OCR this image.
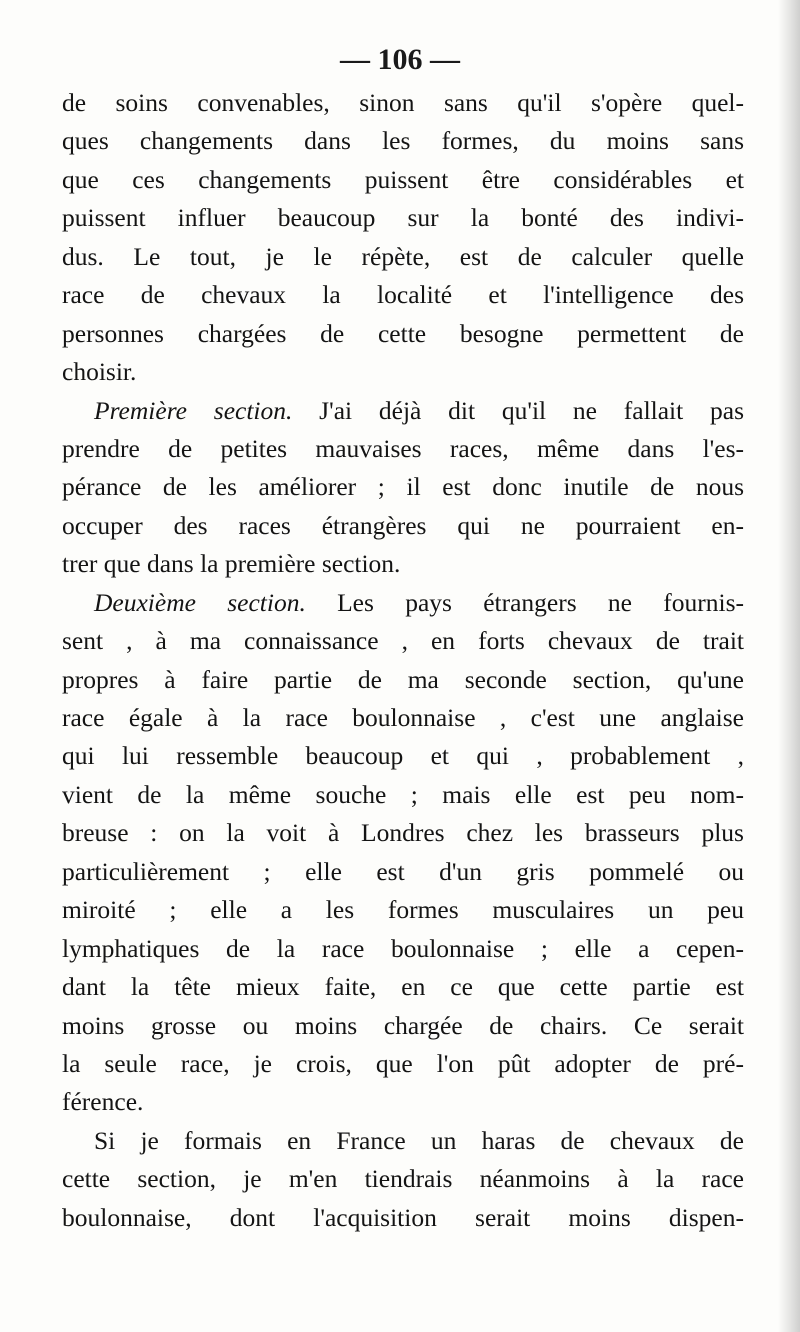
— 106 —
de soins convenables, sinon sans qu'il s'opère quel-
ques changements dans les formes, du moins sans
que ces changements puissent être considérables et
puissent influer beaucoup sur la bonté des indivi-
dus. Le tout, je le répète, est de calculer quelle
race de chevaux la localité et l'intelligence des
personnes chargées de cette besogne permettent de
choisir.
Première section. J'ai déjà dit qu'il ne fallait pas
prendre de petites mauvaises races, même dans l'es-
pérance de les améliorer ; il est donc inutile de nous
occuper des races étrangères qui ne pourraient en-
trer que dans la première section.
Deuxième section. Les pays étrangers ne fournis-
sent , à ma connaissance , en forts chevaux de trait
propres à faire partie de ma seconde section, qu'une
race égale à la race boulonnaise , c'est une anglaise
qui lui ressemble beaucoup et qui , probablement ,
vient de la même souche ; mais elle est peu nom-
breuse : on la voit à Londres chez les brasseurs plus
particulièrement ; elle est d'un gris pommelé ou
miroité ; elle a les formes musculaires un peu
lymphatiques de la race boulonnaise ; elle a cepen-
dant la tête mieux faite, en ce que cette partie est
moins grosse ou moins chargée de chairs. Ce serait
la seule race, je crois, que l'on pût adopter de pré-
férence.
Si je formais en France un haras de chevaux de
cette section, je m'en tiendrais néanmoins à la race
boulonnaise, dont l'acquisition serait moins dispen-
